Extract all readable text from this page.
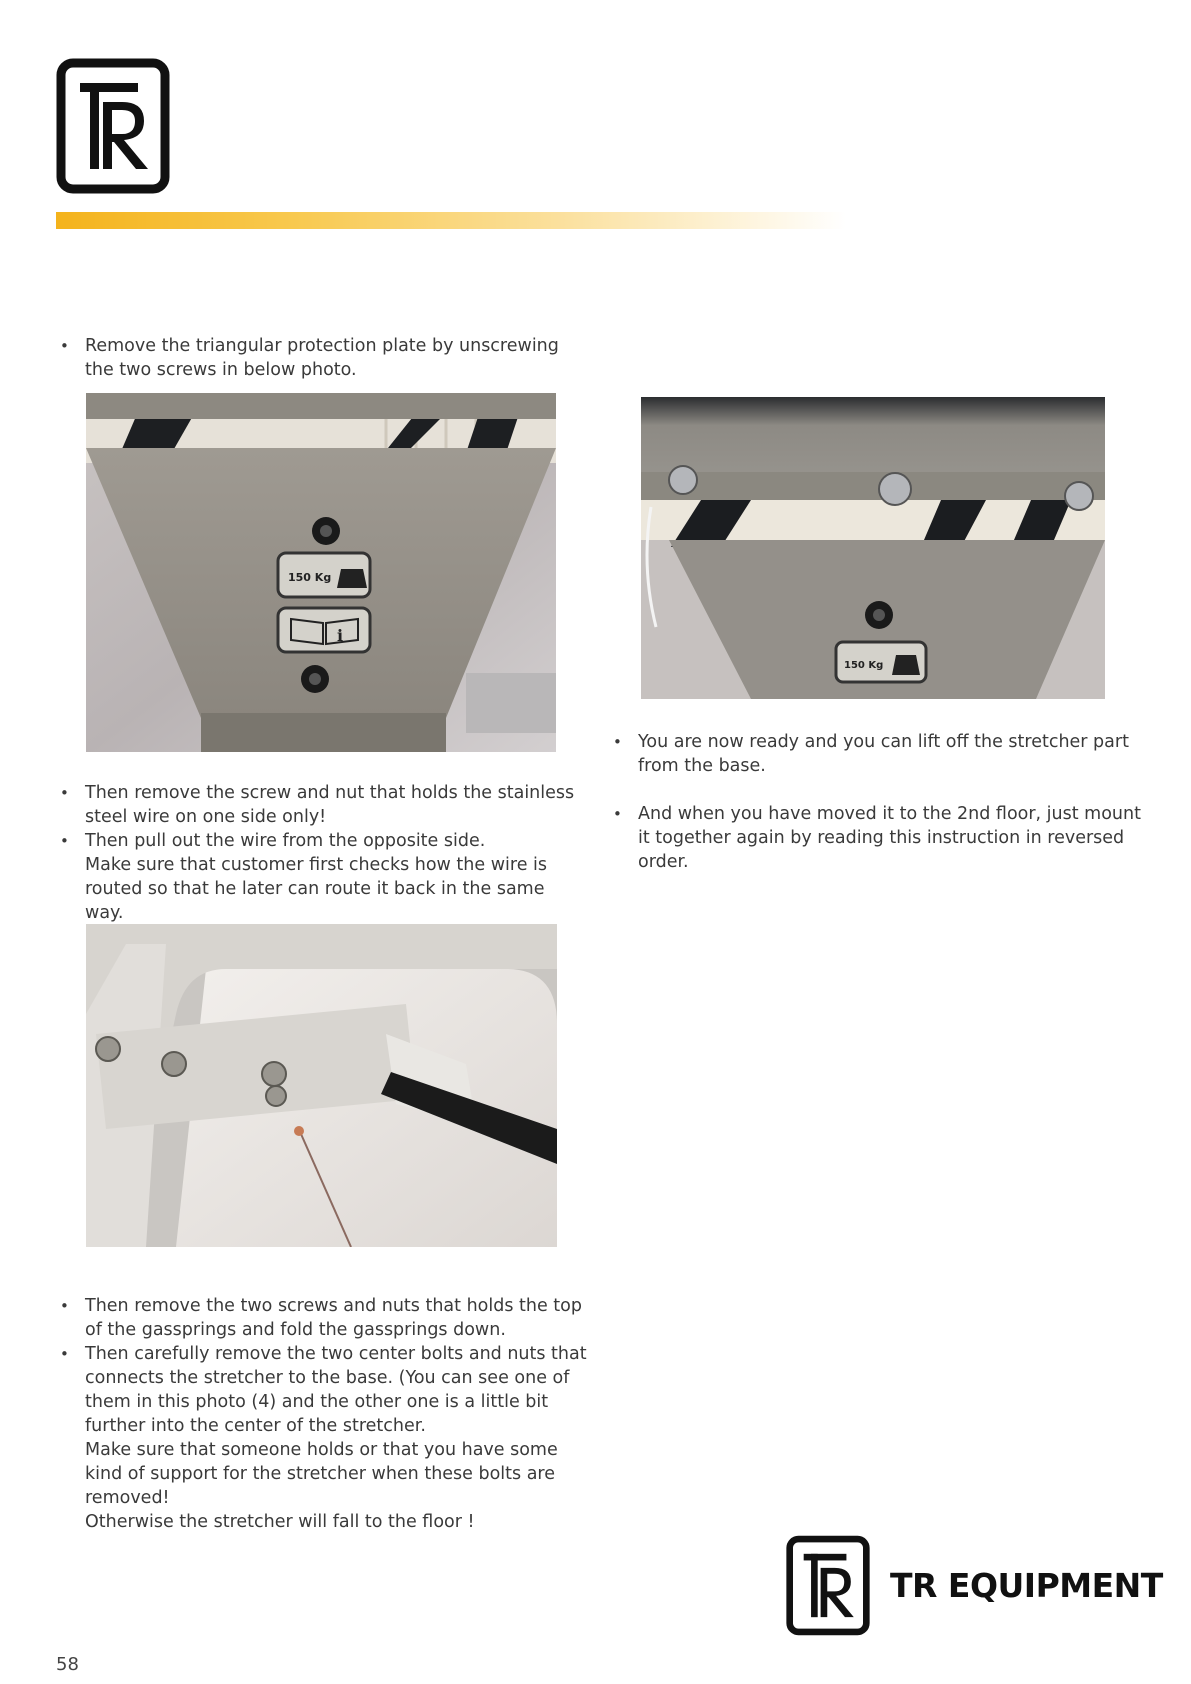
• Remove the triangular protection plate by unscrewing the two screws in below photo.
150 Kg
i
• Then remove the screw and nut that holds the stainless steel wire on one side only!
• Then pull out the wire from the opposite side.
Make sure that customer first checks how the wire is routed so that he later can route it back in the same way.
• Then remove the two screws and nuts that holds the top of the gassprings and fold the gassprings down.
• Then carefully remove the two center bolts and nuts that connects the stretcher to the base. (You can see one of them in this photo (4) and the other one is a little bit further into the center of the stretcher.
Make sure that someone holds or that you have some kind of support for the stretcher when these bolts are removed!
Otherwise the stretcher will fall to the floor !
150 Kg
• You are now ready and you can lift off the stretcher part from the base.
• And when you have moved it to the 2nd floor, just mount it together again by reading this instruction in reversed order.
TR EQUIPMENT
58
